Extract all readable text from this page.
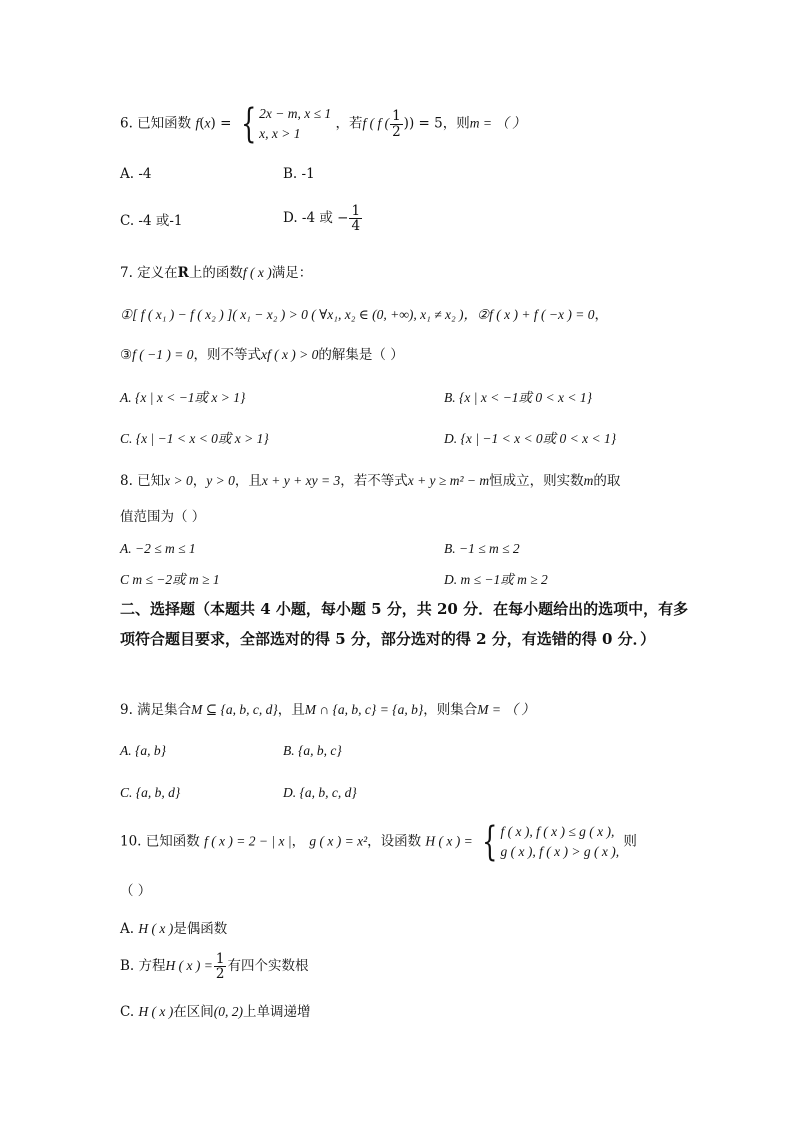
6. 已知函数 f(x) = { 2x − m, x ≤ 1
x, x > 1
，若f ( f ( $\frac{1}{2}$ )) = 5，则m = （ ）
A. -4	B. -1
C. -4 或-1	D. -4 或 − $\frac{1}{4}$
7. 定义在R上的函数f ( x )满足：
①[ f ( x₁ ) − f ( x₂ ) ]( x₁ − x₂ ) > 0 ( ∀x₁, x₂ ∈ (0, +∞), x₁ ≠ x₂ )，②f ( x ) + f ( −x ) = 0，
③f ( −1 ) = 0，则不等式xf ( x ) > 0的解集是（ ）
A. {x | x < −1或 x > 1}	B. {x | x < −1或 0 < x < 1}
C. {x | −1 < x < 0或 x > 1}	D. {x | −1 < x < 0或 0 < x < 1}
8. 已知x > 0，y > 0，且x + y + xy = 3，若不等式x + y ≥ m² − m恒成立，则实数m的取
值范围为（ ）
A. −2 ≤ m ≤ 1	B. −1 ≤ m ≤ 2
C m ≤ −2或 m ≥ 1	D. m ≤ −1或 m ≥ 2
二、选择题（本题共 4 小题，每小题 5 分，共 20 分．在每小题给出的选项中，有多项符合题目要求，全部选对的得 5 分，部分选对的得 2 分，有选错的得 0 分．）
9. 满足集合M ⊆ {a, b, c, d}，且M ∩ {a, b, c} = {a, b}，则集合M = （ ）
A. {a, b}	B. {a, b, c}
C. {a, b, d}	D. {a, b, c, d}
10. 已知函数 f ( x ) = 2 − | x |， g ( x ) = x²，设函数 H ( x ) = { f ( x ), f ( x ) ≤ g ( x ),
g ( x ), f ( x ) > g ( x ),
则
（ ）
A. H ( x )是偶函数
B. 方程H ( x ) = $\frac{1}{2}$ 有四个实数根
C. H ( x )在区间(0, 2)上单调递增
